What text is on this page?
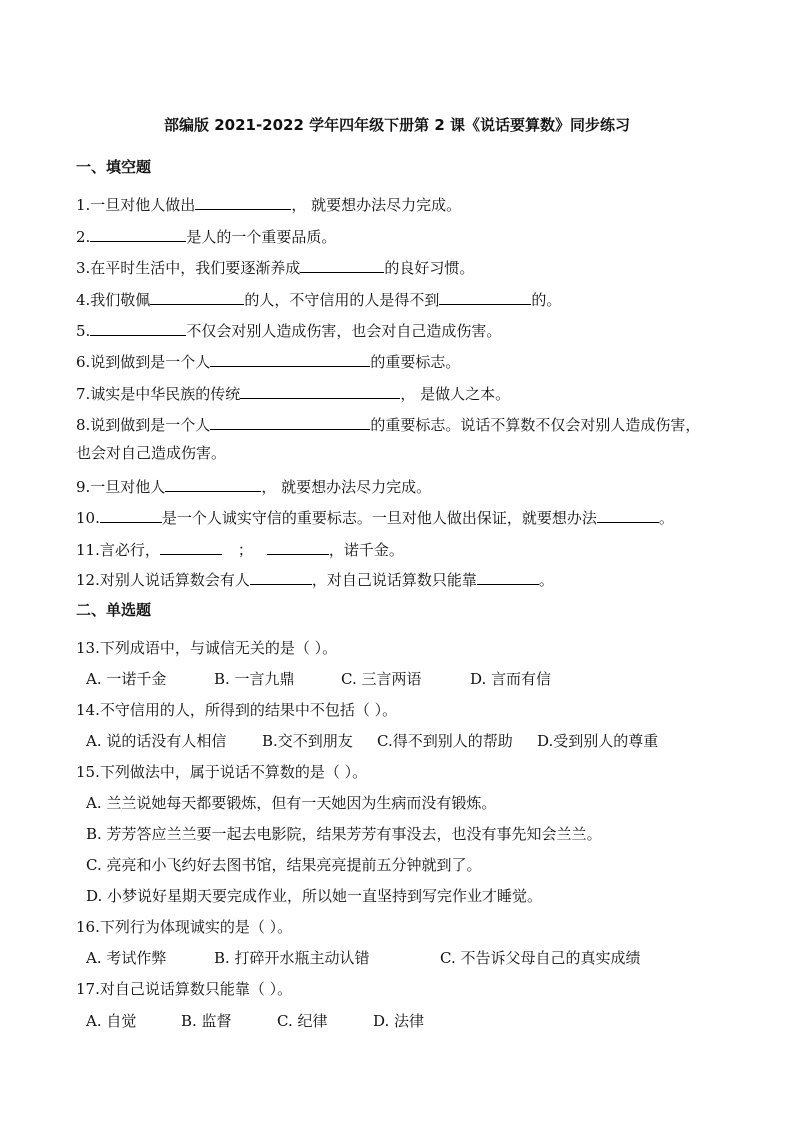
部编版 2021-2022 学年四年级下册第 2 课《说话要算数》同步练习
一、填空题
1.一旦对他人做出	， 就要想办法尽力完成。
2.	是人的一个重要品质。
3.在平时生活中，我们要逐渐养成	的良好习惯。
4.我们敬佩	的人，不守信用的人是得不到	的。
5.	不仅会对别人造成伤害，也会对自己造成伤害。
6.说到做到是一个人	的重要标志。
7.诚实是中华民族的传统	， 是做人之本。
8.说到做到是一个人	的重要标志。说话不算数不仅会对别人造成伤害，
也会对自己造成伤害。
9.一旦对他人	， 就要想办法尽力完成。
10.	是一个人诚实守信的重要标志。一旦对他人做出保证，就要想办法	。
11.言必行，	；	，诺千金。
12.对别人说话算数会有人	，对自己说话算数只能靠	。
二、单选题
13.下列成语中，与诚信无关的是（ ）。
A. 一诺千金	B. 一言九鼎	C. 三言两语	D. 言而有信
14.不守信用的人，所得到的结果中不包括（ ）。
A. 说的话没有人相信 B.交不到朋友 C.得不到别人的帮助 D.受到别人的尊重
15.下列做法中，属于说话不算数的是（ ）。
A. 兰兰说她每天都要锻炼，但有一天她因为生病而没有锻炼。
B. 芳芳答应兰兰要一起去电影院，结果芳芳有事没去，也没有事先知会兰兰。
C. 亮亮和小飞约好去图书馆，结果亮亮提前五分钟就到了。
D. 小梦说好星期天要完成作业，所以她一直坚持到写完作业才睡觉。
16.下列行为体现诚实的是（ ）。
A. 考试作弊	B. 打碎开水瓶主动认错	C. 不告诉父母自己的真实成绩
17.对自己说话算数只能靠（ ）。
A. 自觉	B. 监督	C. 纪律	D. 法律
